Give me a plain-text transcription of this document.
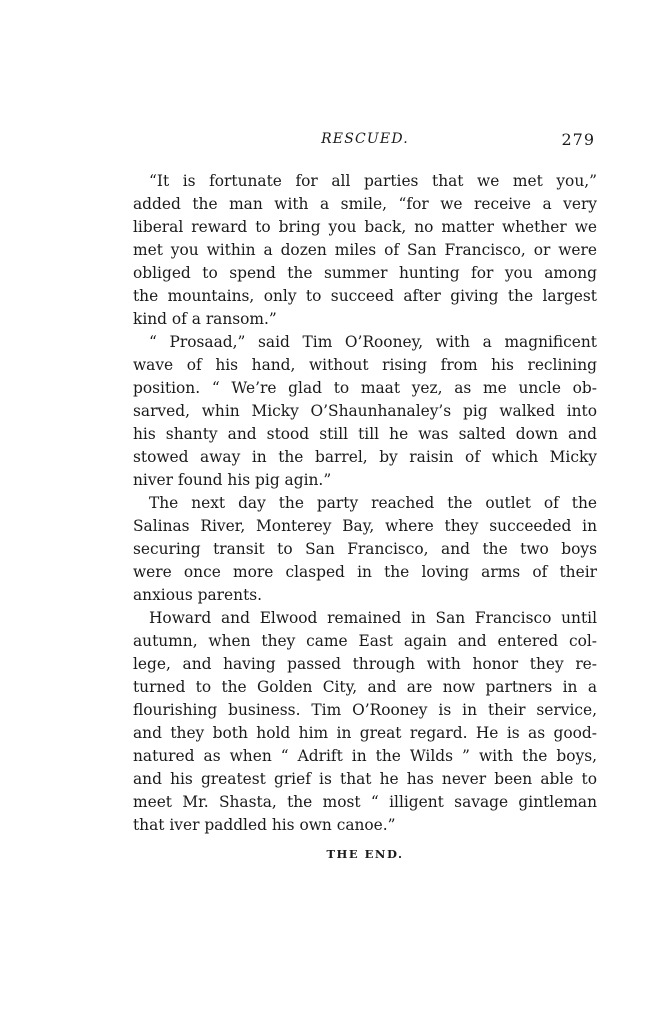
RESCUED.	279
“It is fortunate for all parties that we met you,”
added the man with a smile, “for we receive a very
liberal reward to bring you back, no matter whether we
met you within a dozen miles of San Francisco, or were
obliged to spend the summer hunting for you among
the mountains, only to succeed after giving the largest
kind of a ransom.”
“ Prosaad,” said Tim O’Rooney, with a magnificent
wave of his hand, without rising from his reclining
position. “ We’re glad to maat yez, as me uncle ob-
sarved, whin Micky O’Shaunhanaley’s pig walked into
his shanty and stood still till he was salted down and
stowed away in the barrel, by raisin of which Micky
niver found his pig agin.”
The next day the party reached the outlet of the
Salinas River, Monterey Bay, where they succeeded in
securing transit to San Francisco, and the two boys
were once more clasped in the loving arms of their
anxious parents.
Howard and Elwood remained in San Francisco until
autumn, when they came East again and entered col-
lege, and having passed through with honor they re-
turned to the Golden City, and are now partners in a
flourishing business. Tim O’Rooney is in their service,
and they both hold him in great regard. He is as good-
natured as when “ Adrift in the Wilds ” with the boys,
and his greatest grief is that he has never been able to
meet Mr. Shasta, the most “ illigent savage gintleman
that iver paddled his own canoe.”
THE END.
